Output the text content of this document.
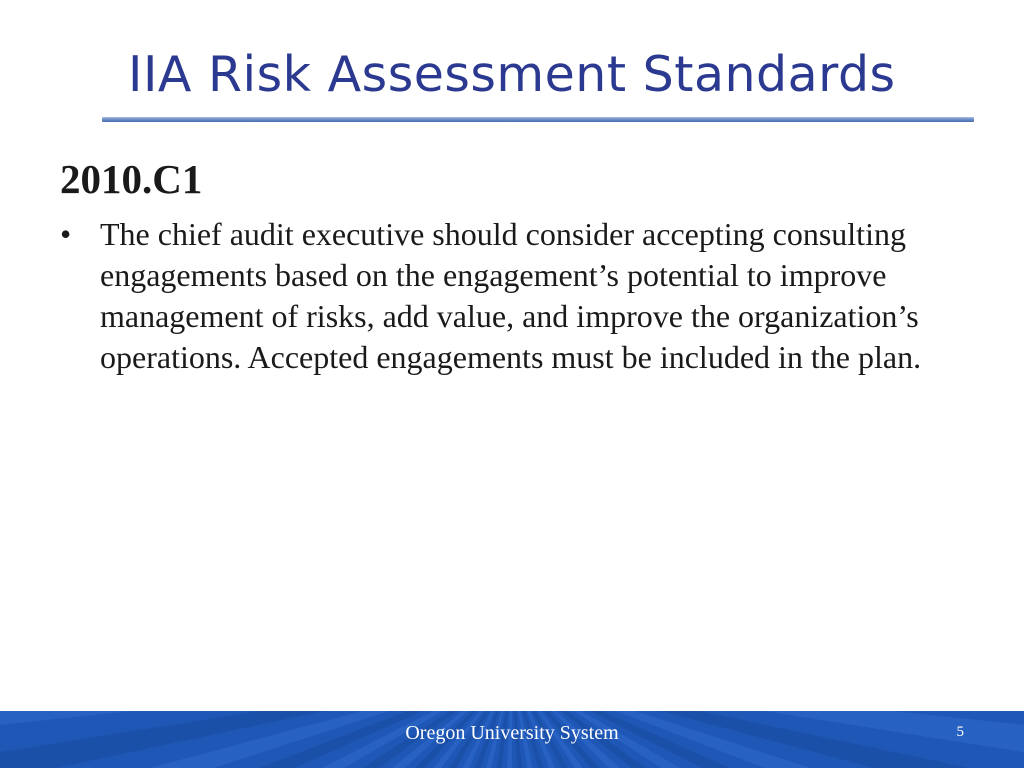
IIA Risk Assessment Standards
2010.C1
• The chief audit executive should consider accepting consulting engagements based on the engagement’s potential to improve management of risks, add value, and improve the organization’s operations. Accepted engagements must be included in the plan.
Oregon University System	5
